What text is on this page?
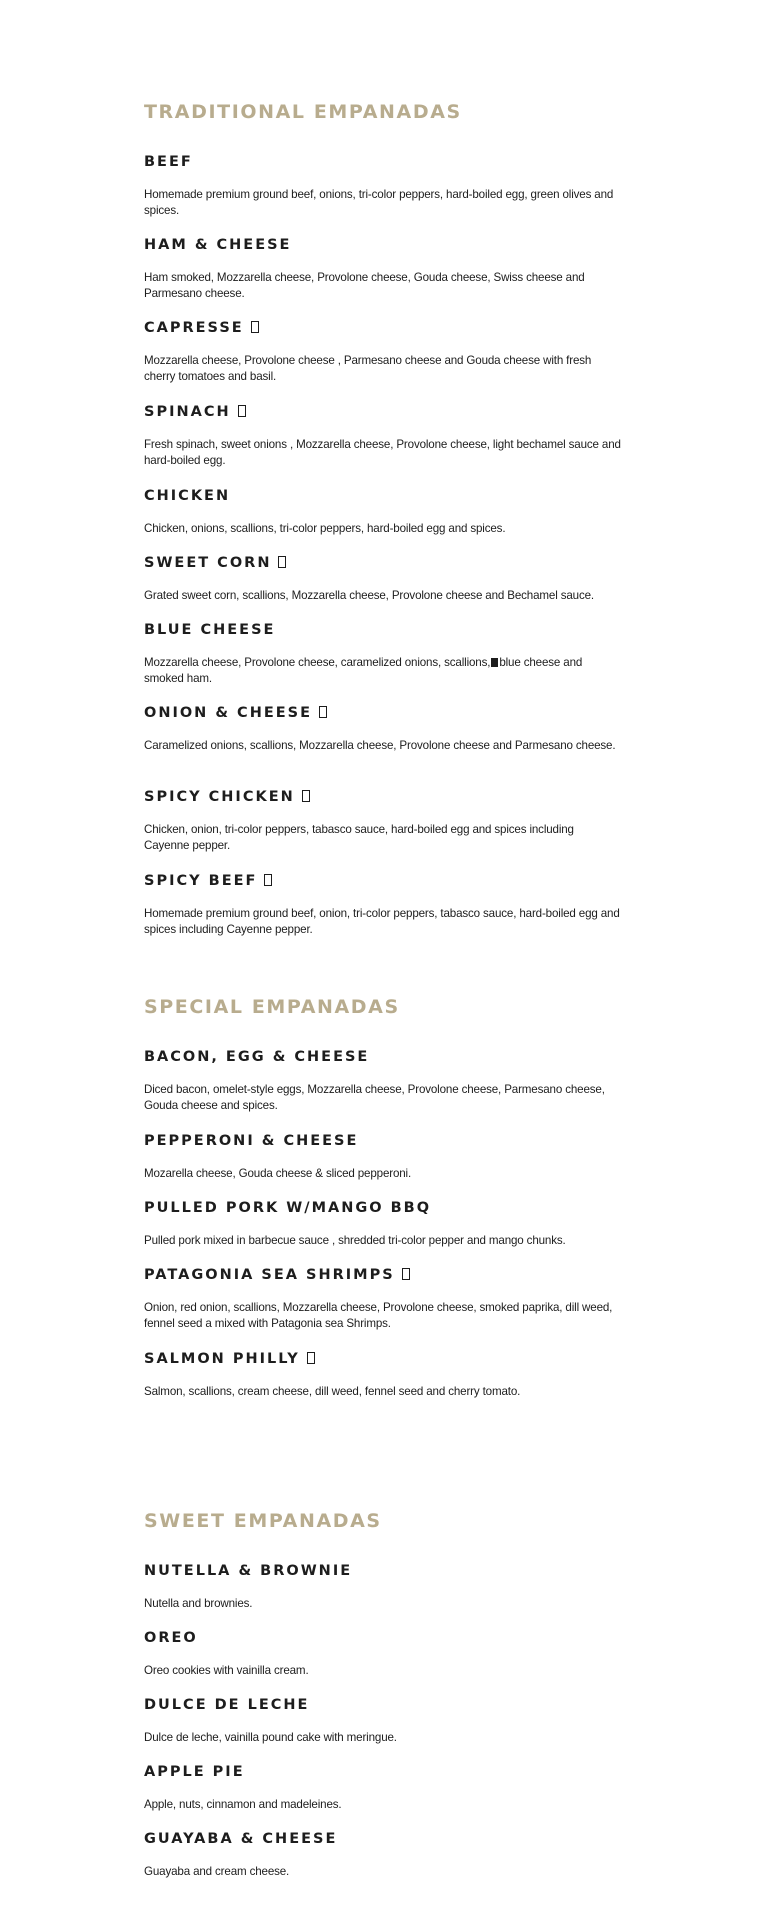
TRADITIONAL EMPANADAS
BEEF

Homemade premium ground beef, onions, tri-color peppers, hard-boiled egg, green olives and spices.

HAM & CHEESE

Ham smoked, Mozzarella cheese, Provolone cheese, Gouda cheese, Swiss cheese and Parmesano cheese.

CAPRESSE

Mozzarella cheese, Provolone cheese , Parmesano cheese and Gouda cheese with fresh cherry tomatoes and basil.

SPINACH

Fresh spinach, sweet onions , Mozzarella cheese, Provolone cheese, light bechamel sauce and hard-boiled egg.

CHICKEN

Chicken, onions, scallions, tri-color peppers, hard-boiled egg and spices.

SWEET CORN

Grated sweet corn, scallions, Mozzarella cheese, Provolone cheese and Bechamel sauce.

BLUE CHEESE

Mozzarella cheese, Provolone cheese, caramelized onions, scallions, blue cheese and smoked ham.

ONION & CHEESE

Caramelized onions, scallions, Mozzarella cheese, Provolone cheese and Parmesano cheese.

SPICY CHICKEN

Chicken, onion, tri-color peppers, tabasco sauce, hard-boiled egg and spices including Cayenne pepper.

SPICY BEEF

Homemade premium ground beef, onion, tri-color peppers, tabasco sauce, hard-boiled egg and spices including Cayenne pepper.

SPECIAL EMPANADAS
BACON, EGG & CHEESE

Diced bacon, omelet-style eggs, Mozzarella cheese, Provolone cheese, Parmesano cheese, Gouda cheese and spices.

PEPPERONI & CHEESE

Mozarella cheese, Gouda cheese & sliced pepperoni.

PULLED PORK W/MANGO BBQ

Pulled pork mixed in barbecue sauce , shredded tri-color pepper and mango chunks.

PATAGONIA SEA SHRIMPS

Onion, red onion, scallions, Mozzarella cheese, Provolone cheese, smoked paprika, dill weed, fennel seed a mixed with Patagonia sea Shrimps.

SALMON PHILLY

Salmon, scallions, cream cheese, dill weed, fennel seed and cherry tomato.

SWEET EMPANADAS
NUTELLA & BROWNIE

Nutella and brownies.

OREO

Oreo cookies with vainilla cream.

DULCE DE LECHE

Dulce de leche, vainilla pound cake with meringue.

APPLE PIE

Apple, nuts, cinnamon and madeleines.

GUAYABA & CHEESE

Guayaba and cream cheese.
